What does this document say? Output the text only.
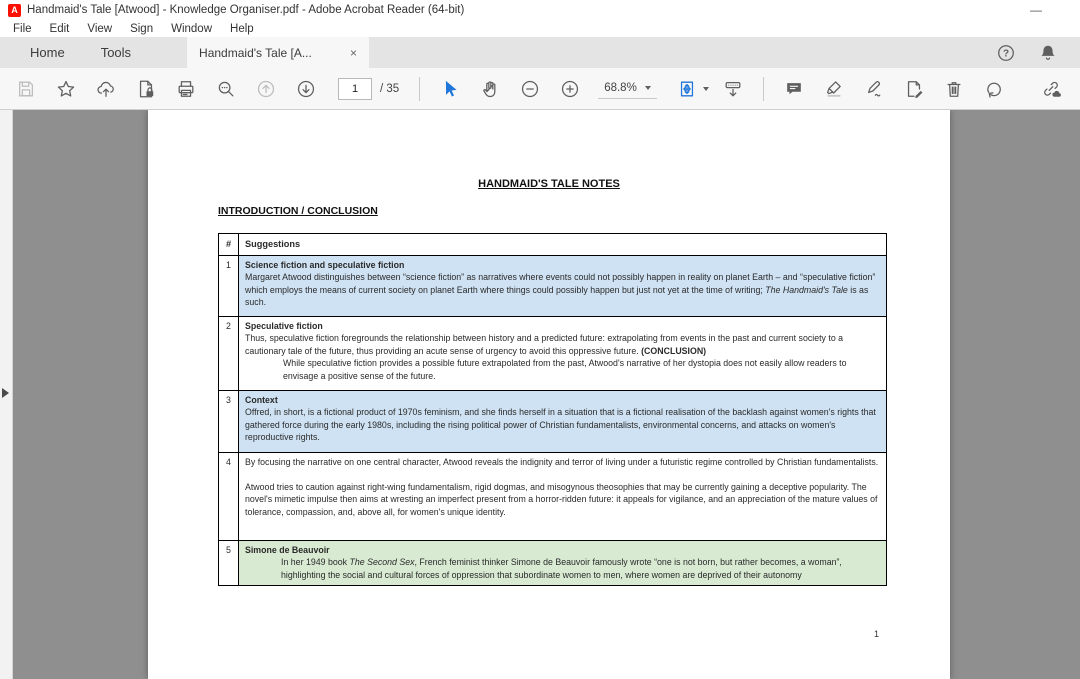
A Handmaid's Tale [Atwood] - Knowledge Organiser.pdf - Adobe Acrobat Reader (64-bit)	—
File	Edit	View	Sign	Window	Help
Home	Tools	Handmaid's Tale [A...	×	?
1
/ 35	68.8%
HANDMAID'S TALE NOTES
INTRODUCTION / CONCLUSION
#	Suggestions
1	Science fiction and speculative fiction
Margaret Atwood distinguishes between “science fiction” as narratives where events could not possibly happen in reality on planet Earth – and “speculative fiction” which employs the means of current society on planet Earth where things could possibly happen but just not yet at the time of writing; The Handmaid's Tale is as such.
2	Speculative fiction
Thus, speculative fiction foregrounds the relationship between history and a predicted future: extrapolating from events in the past and current society to a cautionary tale of the future, thus providing an acute sense of urgency to avoid this oppressive future. (CONCLUSION)
While speculative fiction provides a possible future extrapolated from the past, Atwood's narrative of her dystopia does not easily allow readers to envisage a positive sense of the future.
3	Context
Offred, in short, is a fictional product of 1970s feminism, and she finds herself in a situation that is a fictional realisation of the backlash against women's rights that gathered force during the early 1980s, including the rising political power of Christian fundamentalists, environmental concerns, and attacks on women's reproductive rights.
4	By focusing the narrative on one central character, Atwood reveals the indignity and terror of living under a futuristic regime controlled by Christian fundamentalists.
Atwood tries to caution against right-wing fundamentalism, rigid dogmas, and misogynous theosophies that may be currently gaining a deceptive popularity. The novel's mimetic impulse then aims at wresting an imperfect present from a horror-ridden future: it appeals for vigilance, and an appreciation of the mature values of tolerance, compassion, and, above all, for women's unique identity.
5	Simone de Beauvoir
In her 1949 book The Second Sex, French feminist thinker Simone de Beauvoir famously wrote “one is not born, but rather becomes, a woman”, highlighting the social and cultural forces of oppression that subordinate women to men, where women are deprived of their autonomy
1
